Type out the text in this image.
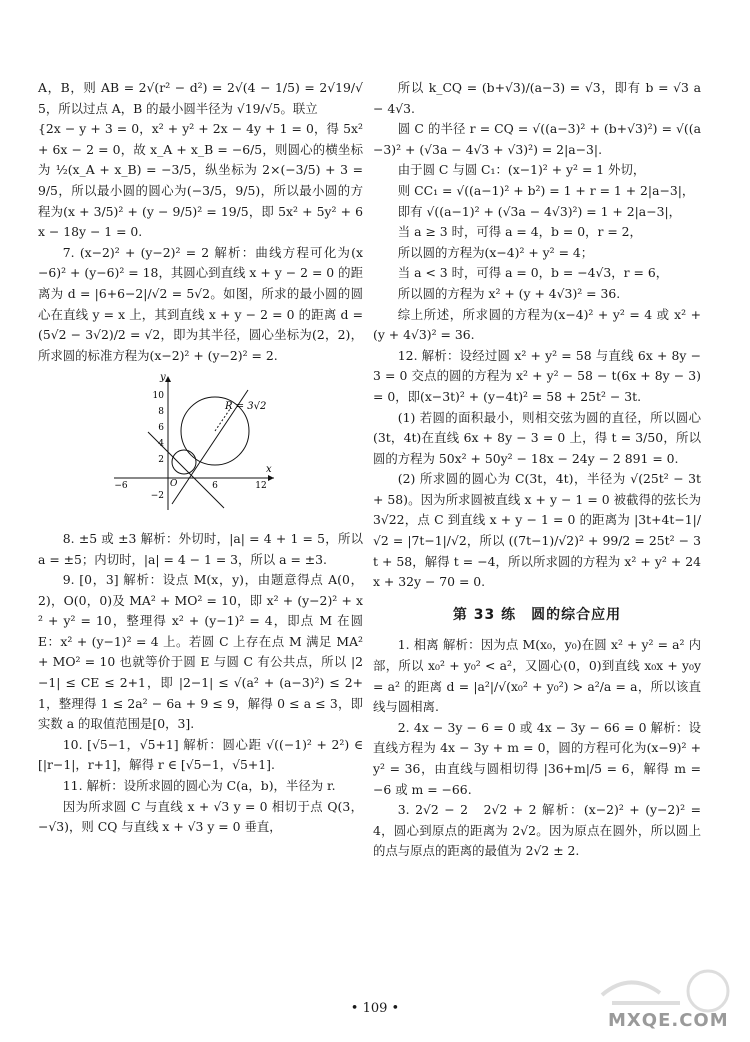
A，B，则 AB = 2√(r² − d²) = 2√(4 − 1/5) = 2√19/√5，所以过点 A，B 的最小圆半径为 √19/√5。联立

{2x − y + 3 = 0，x² + y² + 2x − 4y + 1 = 0，得 5x² + 6x − 2 = 0，故 x_A + x_B = −6/5，则圆心的横坐标为 ½(x_A + x_B) = −3/5，纵坐标为 2×(−3/5) + 3 = 9/5，所以最小圆的圆心为(−3/5，9/5)，所以最小圆的方程为(x + 3/5)² + (y − 9/5)² = 19/5，即 5x² + 5y² + 6x − 18y − 1 = 0.

7. (x−2)² + (y−2)² = 2 解析：曲线方程可化为(x−6)² + (y−6)² = 18，其圆心到直线 x + y − 2 = 0 的距离为 d = |6+6−2|/√2 = 5√2。如图，所求的最小圆的圆心在直线 y = x 上，其到直线 x + y − 2 = 0 的距离 d = (5√2 − 3√2)/2 = √2，即为其半径，圆心坐标为(2，2)，所求圆的标准方程为(x−2)² + (y−2)² = 2.

y
x
O
10
8
6
4
2
−2
−6	6	12
R = 3√2

8. ±5 或 ±3 解析：外切时，|a| = 4 + 1 = 5，所以 a = ±5；内切时，|a| = 4 − 1 = 3，所以 a = ±3.

9. [0，3] 解析：设点 M(x，y)，由题意得点 A(0，2)，O(0，0)及 MA² + MO² = 10，即 x² + (y−2)² + x² + y² = 10，整理得 x² + (y−1)² = 4，即点 M 在圆 E：x² + (y−1)² = 4 上。若圆 C 上存在点 M 满足 MA² + MO² = 10 也就等价于圆 E 与圆 C 有公共点，所以 |2−1| ≤ CE ≤ 2+1，即 |2−1| ≤ √(a² + (a−3)²) ≤ 2+1，整理得 1 ≤ 2a² − 6a + 9 ≤ 9，解得 0 ≤ a ≤ 3，即实数 a 的取值范围是[0，3].

10. [√5−1，√5+1] 解析：圆心距 √((−1)² + 2²) ∈ [|r−1|，r+1]，解得 r ∈ [√5−1，√5+1].

11. 解析：设所求圆的圆心为 C(a，b)，半径为 r.

因为所求圆 C 与直线 x + √3 y = 0 相切于点 Q(3，−√3)，则 CQ 与直线 x + √3 y = 0 垂直，

所以 k_CQ = (b+√3)/(a−3) = √3，即有 b = √3 a − 4√3.

圆 C 的半径 r = CQ = √((a−3)² + (b+√3)²) = √((a−3)² + (√3a − 4√3 + √3)²) = 2|a−3|.

由于圆 C 与圆 C₁：(x−1)² + y² = 1 外切，

则 CC₁ = √((a−1)² + b²) = 1 + r = 1 + 2|a−3|，

即有 √((a−1)² + (√3a − 4√3)²) = 1 + 2|a−3|，

当 a ≥ 3 时，可得 a = 4，b = 0，r = 2，

所以圆的方程为(x−4)² + y² = 4；

当 a < 3 时，可得 a = 0，b = −4√3，r = 6，

所以圆的方程为 x² + (y + 4√3)² = 36.

综上所述，所求圆的方程为(x−4)² + y² = 4 或 x² + (y + 4√3)² = 36.

12. 解析：设经过圆 x² + y² = 58 与直线 6x + 8y − 3 = 0 交点的圆的方程为 x² + y² − 58 − t(6x + 8y − 3) = 0，即(x−3t)² + (y−4t)² = 58 + 25t² − 3t.

(1) 若圆的面积最小，则相交弦为圆的直径，所以圆心(3t，4t)在直线 6x + 8y − 3 = 0 上，得 t = 3/50，所以圆的方程为 50x² + 50y² − 18x − 24y − 2 891 = 0.

(2) 所求圆的圆心为 C(3t，4t)，半径为 √(25t² − 3t + 58)。因为所求圆被直线 x + y − 1 = 0 被截得的弦长为 3√22，点 C 到直线 x + y − 1 = 0 的距离为 |3t+4t−1|/√2 = |7t−1|/√2，所以 ((7t−1)/√2)² + 99/2 = 25t² − 3t + 58，解得 t = −4，所以所求圆的方程为 x² + y² + 24x + 32y − 70 = 0.

第 33 练　圆的综合应用

1. 相离 解析：因为点 M(x₀，y₀)在圆 x² + y² = a² 内部，所以 x₀² + y₀² < a²，又圆心(0，0)到直线 x₀x + y₀y = a² 的距离 d = |a²|/√(x₀² + y₀²) > a²/a = a，所以该直线与圆相离.

2. 4x − 3y − 6 = 0 或 4x − 3y − 66 = 0 解析：设直线方程为 4x − 3y + m = 0，圆的方程可化为(x−9)² + y² = 36，由直线与圆相切得 |36+m|/5 = 6，解得 m = −6 或 m = −66.

3. 2√2 − 2　2√2 + 2 解析：(x−2)² + (y−2)² = 4，圆心到原点的距离为 2√2。因为原点在圆外，所以圆上的点与原点的距离的最值为 2√2 ± 2.

• 109 •
MXQE.COM
